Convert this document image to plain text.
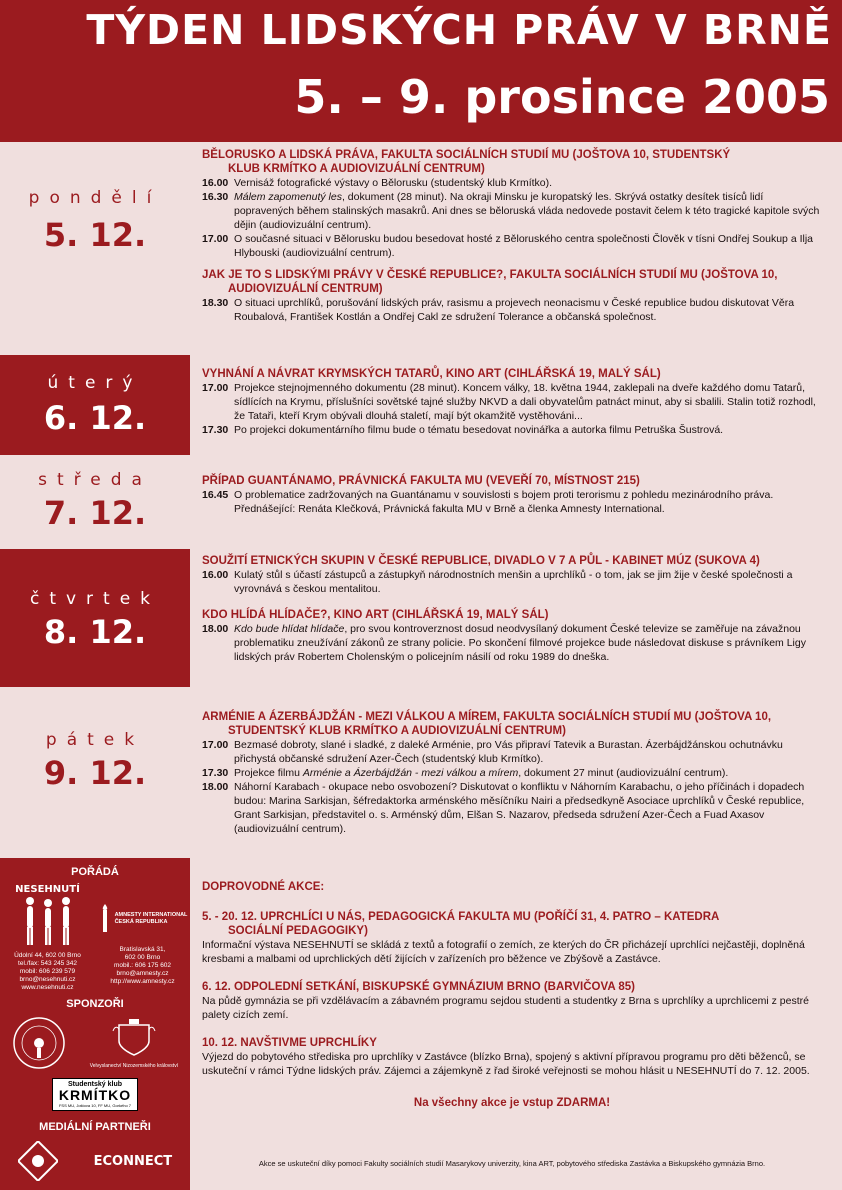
TÝDEN LIDSKÝCH PRÁV V BRNĚ
5. – 9. prosince 2005
pondělí
5. 12.
úterý
6. 12.
středa
7. 12.
čtvrtek
8. 12.
pátek
9. 12.
BĚLORUSKO A LIDSKÁ PRÁVA, FAKULTA SOCIÁLNÍCH STUDIÍ MU (JOŠTOVA 10, STUDENTSKÝ
KLUB KRMÍTKO A AUDIOVIZUÁLNÍ CENTRUM)
16.00 Vernisáž fotografické výstavy o Bělorusku (studentský klub Krmítko).
16.30 Málem zapomenutý les, dokument (28 minut). Na okraji Minsku je kuropatský les. Skrývá ostatky desítek tisíců lidí popravených během stalinských masakrů. Ani dnes se běloruská vláda nedovede postavit čelem k této tragické kapitole svých dějin (audiovizuální centrum).
17.00 O současné situaci v Bělorusku budou besedovat hosté z Běloruského centra společnosti Člověk v tísni Ondřej Soukup a Ilja Hlybouski (audiovizuální centrum).
JAK JE TO S LIDSKÝMI PRÁVY V ČESKÉ REPUBLICE?, FAKULTA SOCIÁLNÍCH STUDIÍ MU (JOŠTOVA 10,
AUDIOVIZUÁLNÍ CENTRUM)
18.30 O situaci uprchlíků, porušování lidských práv, rasismu a projevech neonacismu v České republice budou diskutovat Věra Roubalová, František Kostlán a Ondřej Cakl ze sdružení Tolerance a občanská společnost.
VYHNÁNÍ A NÁVRAT KRYMSKÝCH TATARŮ, KINO ART (CIHLÁŘSKÁ 19, MALÝ SÁL)
17.00 Projekce stejnojmenného dokumentu (28 minut). Koncem války, 18. května 1944, zaklepali na dveře každého domu Tatarů, sídlících na Krymu, příslušníci sovětské tajné služby NKVD a dali obyvatelům patnáct minut, aby si sbalili. Stalin totiž rozhodl, že Tataři, kteří Krym obývali dlouhá staletí, mají být okamžitě vystěhováni...
17.30 Po projekci dokumentárního filmu bude o tématu besedovat novinářka a autorka filmu Petruška Šustrová.
PŘÍPAD GUANTÁNAMO, PRÁVNICKÁ FAKULTA MU (VEVEŘÍ 70, MÍSTNOST 215)
16.45 O problematice zadržovaných na Guantánamu v souvislosti s bojem proti terorismu z pohledu mezinárodního práva. Přednášející: Renáta Klečková, Právnická fakulta MU v Brně a členka Amnesty International.
SOUŽITÍ ETNICKÝCH SKUPIN V ČESKÉ REPUBLICE, DIVADLO V 7 A PŮL - KABINET MÚZ (SUKOVA 4)
16.00 Kulatý stůl s účastí zástupců a zástupkyň národnostních menšin a uprchlíků - o tom, jak se jim žije v české společnosti a vyrovnává s českou mentalitou.
KDO HLÍDÁ HLÍDAČE?, KINO ART (CIHLÁŘSKÁ 19, MALÝ SÁL)
18.00 Kdo bude hlídat hlídače, pro svou kontroverznost dosud neodvysílaný dokument České televize se zaměřuje na závažnou problematiku zneužívání zákonů ze strany policie. Po skončení filmové projekce bude následovat diskuse s právníkem Ligy lidských práv Robertem Cholenským o policejním násilí od roku 1989 do dneška.
ARMÉNIE A ÁZERBÁJDŽÁN - MEZI VÁLKOU A MÍREM, FAKULTA SOCIÁLNÍCH STUDIÍ MU (JOŠTOVA 10,
STUDENTSKÝ KLUB KRMÍTKO A AUDIOVIZUÁLNÍ CENTRUM)
17.00 Bezmasé dobroty, slané i sladké, z daleké Arménie, pro Vás připraví Tatevik a Burastan. Ázerbájdžánskou ochutnávku přichystá občanské sdružení Azer-Čech (studentský klub Krmítko).
17.30 Projekce filmu Arménie a Ázerbájdžán - mezi válkou a mírem, dokument 27 minut (audiovizuální centrum).
18.00 Náhorní Karabach - okupace nebo osvobození? Diskutovat o konfliktu v Náhorním Karabachu, o jeho příčinách i dopadech budou: Marina Sarkisjan, šéfredaktorka arménského měsíčníku Nairi a předsedkyně Asociace uprchlíků v České republice, Grant Sarkisjan, představitel o. s. Arménský dům, Elšan S. Nazarov, předseda sdružení Azer-Čech a Fuad Axasov (audiovizuální centrum).
POŘÁDÁ
NESEHNUTÍ
Údolní 44, 602 00 Brno
tel./fax: 543 245 342
mobil: 606 239 579
brno@nesehnuti.cz
www.nesehnuti.cz
AMNESTY INTERNATIONAL
ČESKÁ REPUBLIKA
Bratislavská 31,
602 00 Brno
mobil.: 606 175 602
brno@amnesty.cz
http://www.amnesty.cz
SPONZOŘI
Velvyslanectví Nizozemského království
Studentský klub
KRMÍTKO
FSS MU, Joštova 10, FF MU, Gorkého 7
MEDIÁLNÍ PARTNEŘI
ECONNECT
DOPROVODNÉ AKCE:
5. - 20. 12. UPRCHLÍCI U NÁS, PEDAGOGICKÁ FAKULTA MU (POŘÍČÍ 31, 4. PATRO – KATEDRA
SOCIÁLNÍ PEDAGOGIKY)
Informační výstava NESEHNUTÍ se skládá z textů a fotografií o zemích, ze kterých do ČR přicházejí uprchlíci nejčastěji, doplněná kresbami a malbami od uprchlických dětí žijících v zařízeních pro běžence ve Zbýšově a Zastávce.
6. 12. ODPOLEDNÍ SETKÁNÍ, BISKUPSKÉ GYMNÁZIUM BRNO (BARVIČOVA 85)
Na půdě gymnázia se při vzdělávacím a zábavném programu sejdou studenti a studentky z Brna s uprchlíky a uprchlicemi z pestré palety cizích zemí.
10. 12. NAVŠTIVME UPRCHLÍKY
Výjezd do pobytového střediska pro uprchlíky v Zastávce (blízko Brna), spojený s aktivní přípravou programu pro děti běženců, se uskuteční v rámci Týdne lidských práv. Zájemci a zájemkyně z řad široké veřejnosti se mohou hlásit u NESEHNUTÍ do 7. 12. 2005.
Na všechny akce je vstup ZDARMA!
Akce se uskuteční díky pomoci Fakulty sociálních studií Masarykovy univerzity, kina ART, pobytového střediska Zastávka a Biskupského gymnázia Brno.
